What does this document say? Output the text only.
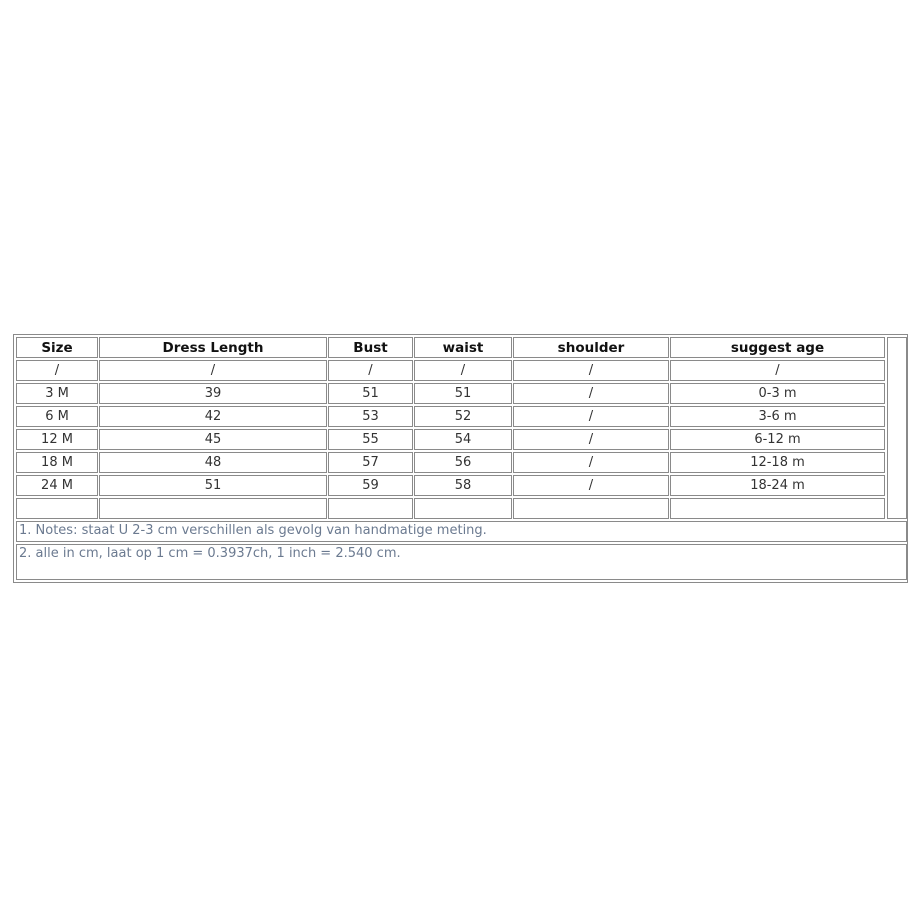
Size	Dress Length	Bust	waist	shoulder	suggest age
/	/	/	/	/	/
3 M	39	51	51	/	0-3 m
6 M	42	53	52	/	3-6 m
12 M	45	55	54	/	6-12 m
18 M	48	57	56	/	12-18 m
24 M	51	59	58	/	18-24 m
1. Notes: staat U 2-3 cm verschillen als gevolg van handmatige meting.
2. alle in cm, laat op 1 cm = 0.3937ch, 1 inch = 2.540 cm.
